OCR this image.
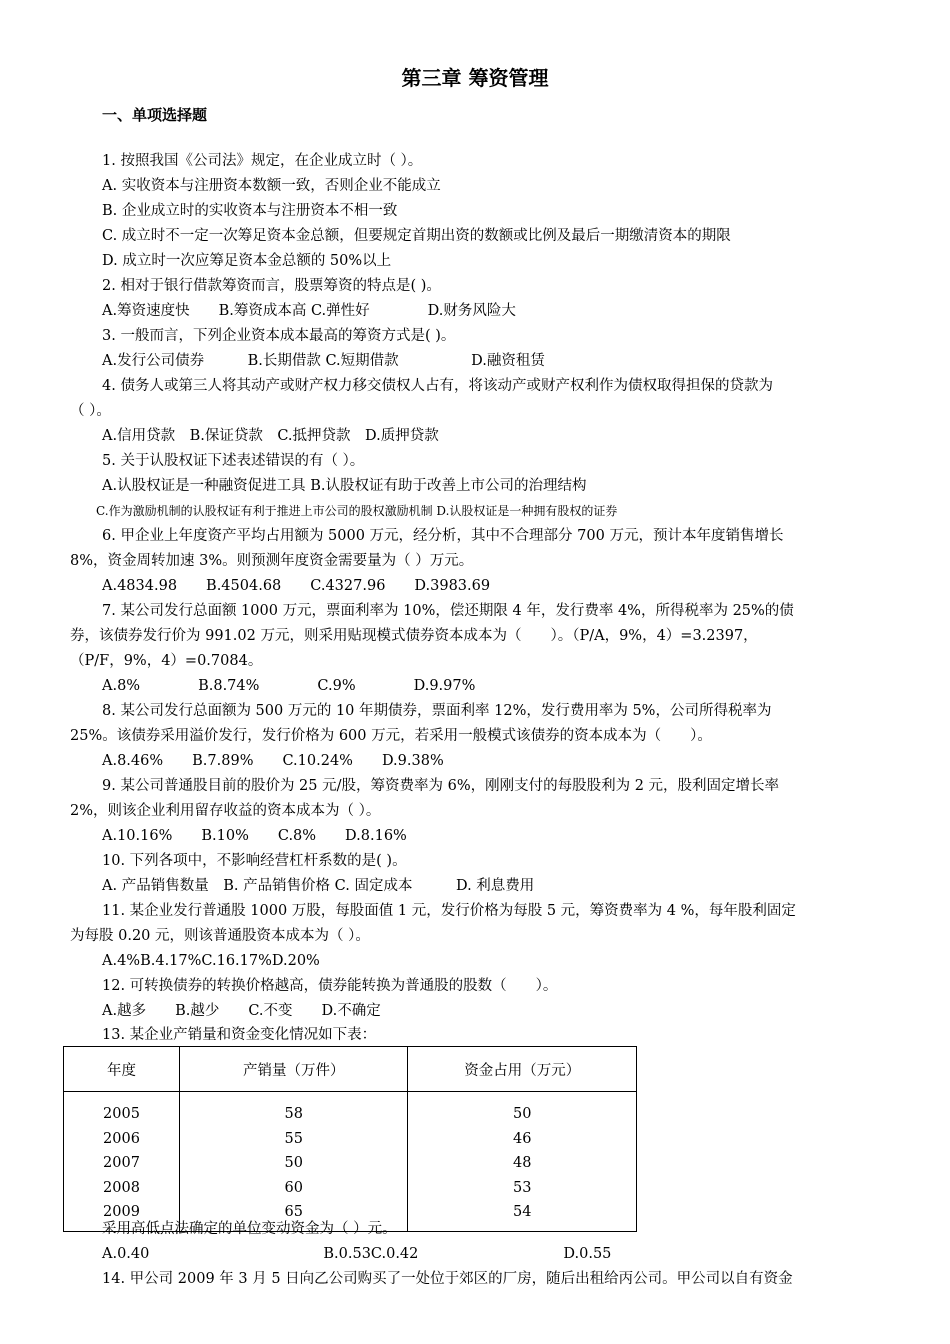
第三章 筹资管理
一、单项选择题
1. 按照我国《公司法》规定，在企业成立时（ ）。
A. 实收资本与注册资本数额一致，否则企业不能成立
B. 企业成立时的实收资本与注册资本不相一致
C. 成立时不一定一次筹足资本金总额，但要规定首期出资的数额或比例及最后一期缴清资本的期限
D. 成立时一次应筹足资本金总额的 50%以上
2. 相对于银行借款筹资而言，股票筹资的特点是( )。
A.筹资速度快　　B.筹资成本高 C.弹性好　　　　D.财务风险大
3. 一般而言，下列企业资本成本最高的筹资方式是( )。
A.发行公司债券　　　B.长期借款 C.短期借款　　　　　D.融资租赁
4. 债务人或第三人将其动产或财产权力移交债权人占有，将该动产或财产权利作为债权取得担保的贷款为
（ ）。
A.信用贷款　B.保证贷款　C.抵押贷款　D.质押贷款
5. 关于认股权证下述表述错误的有（ ）。
A.认股权证是一种融资促进工具 B.认股权证有助于改善上市公司的治理结构
C.作为激励机制的认股权证有利于推进上市公司的股权激励机制 D.认股权证是一种拥有股权的证券
6. 甲企业上年度资产平均占用额为 5000 万元，经分析，其中不合理部分 700 万元，预计本年度销售增长
8%，资金周转加速 3%。则预测年度资金需要量为（ ）万元。
A.4834.98　　B.4504.68　　C.4327.96　　D.3983.69
7. 某公司发行总面额 1000 万元，票面利率为 10%，偿还期限 4 年，发行费率 4%，所得税率为 25%的债
券，该债券发行价为 991.02 万元，则采用贴现模式债券资本成本为（　　）。（P/A，9%，4）=3.2397，
（P/F，9%，4）=0.7084。
A.8%　　　　B.8.74%　　　　C.9%　　　　D.9.97%
8. 某公司发行总面额为 500 万元的 10 年期债券，票面利率 12%，发行费用率为 5%，公司所得税率为
25%。该债券采用溢价发行，发行价格为 600 万元，若采用一般模式该债券的资本成本为（　　）。
A.8.46%　　B.7.89%　　C.10.24%　　D.9.38%
9. 某公司普通股目前的股价为 25 元/股，筹资费率为 6%，刚刚支付的每股股利为 2 元，股利固定增长率
2%，则该企业利用留存收益的资本成本为（ ）。
A.10.16%　　B.10%　　C.8%　　D.8.16%
10. 下列各项中，不影响经营杠杆系数的是( )。
A. 产品销售数量　B. 产品销售价格 C. 固定成本　　　D. 利息费用
11. 某企业发行普通股 1000 万股，每股面值 1 元，发行价格为每股 5 元，筹资费率为 4 %，每年股利固定
为每股 0.20 元，则该普通股资本成本为（ ）。
A.4%B.4.17%C.16.17%D.20%
12. 可转换债券的转换价格越高，债券能转换为普通股的股数（　　）。
A.越多　　B.越少　　C.不变　　D.不确定
13. 某企业产销量和资金变化情况如下表：
年度	产销量（万件）	资金占用（万元）
2005	58	50
2006	55	46
2007	50	48
2008	60	53
2009	65	54
采用高低点法确定的单位变动资金为（ ）元。
A.0.40　　　　　　　　　　　　B.0.53C.0.42　　　　　　　　　　D.0.55
14. 甲公司 2009 年 3 月 5 日向乙公司购买了一处位于郊区的厂房，随后出租给丙公司。甲公司以自有资金
